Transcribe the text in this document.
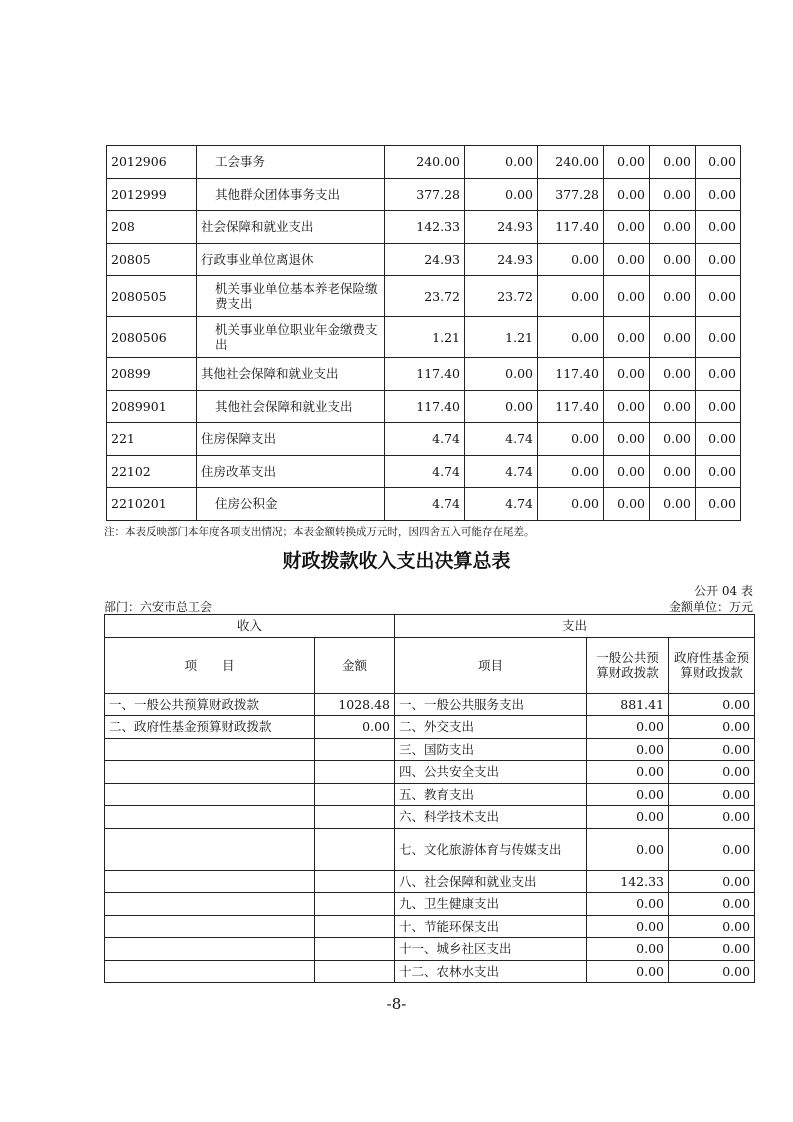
2012906	工会事务	240.00	0.00	240.00	0.00	0.00	0.00
2012999	其他群众团体事务支出	377.28	0.00	377.28	0.00	0.00	0.00
208	社会保障和就业支出	142.33	24.93	117.40	0.00	0.00	0.00
20805	行政事业单位离退休	24.93	24.93	0.00	0.00	0.00	0.00
2080505	机关事业单位基本养老保险缴费支出	23.72	23.72	0.00	0.00	0.00	0.00
2080506	机关事业单位职业年金缴费支出	1.21	1.21	0.00	0.00	0.00	0.00
20899	其他社会保障和就业支出	117.40	0.00	117.40	0.00	0.00	0.00
2089901	其他社会保障和就业支出	117.40	0.00	117.40	0.00	0.00	0.00
221	住房保障支出	4.74	4.74	0.00	0.00	0.00	0.00
22102	住房改革支出	4.74	4.74	0.00	0.00	0.00	0.00
2210201	住房公积金	4.74	4.74	0.00	0.00	0.00	0.00
注：本表反映部门本年度各项支出情况；本表金额转换成万元时，因四舍五入可能存在尾差。
财政拨款收入支出决算总表
公开 04 表
部门：六安市总工会	金额单位：万元
收入		支出		
项　　目	金额	项目	一般公共预算财政拨款	政府性基金预算财政拨款
一、一般公共预算财政拨款	1028.48	一、一般公共服务支出	881.41	0.00
二、政府性基金预算财政拨款	0.00	二、外交支出	0.00	0.00
		三、国防支出	0.00	0.00
		四、公共安全支出	0.00	0.00
		五、教育支出	0.00	0.00
		六、科学技术支出	0.00	0.00
		七、文化旅游体育与传媒支出	0.00	0.00
		八、社会保障和就业支出	142.33	0.00
		九、卫生健康支出	0.00	0.00
		十、节能环保支出	0.00	0.00
		十一、城乡社区支出	0.00	0.00
		十二、农林水支出	0.00	0.00
-8-
